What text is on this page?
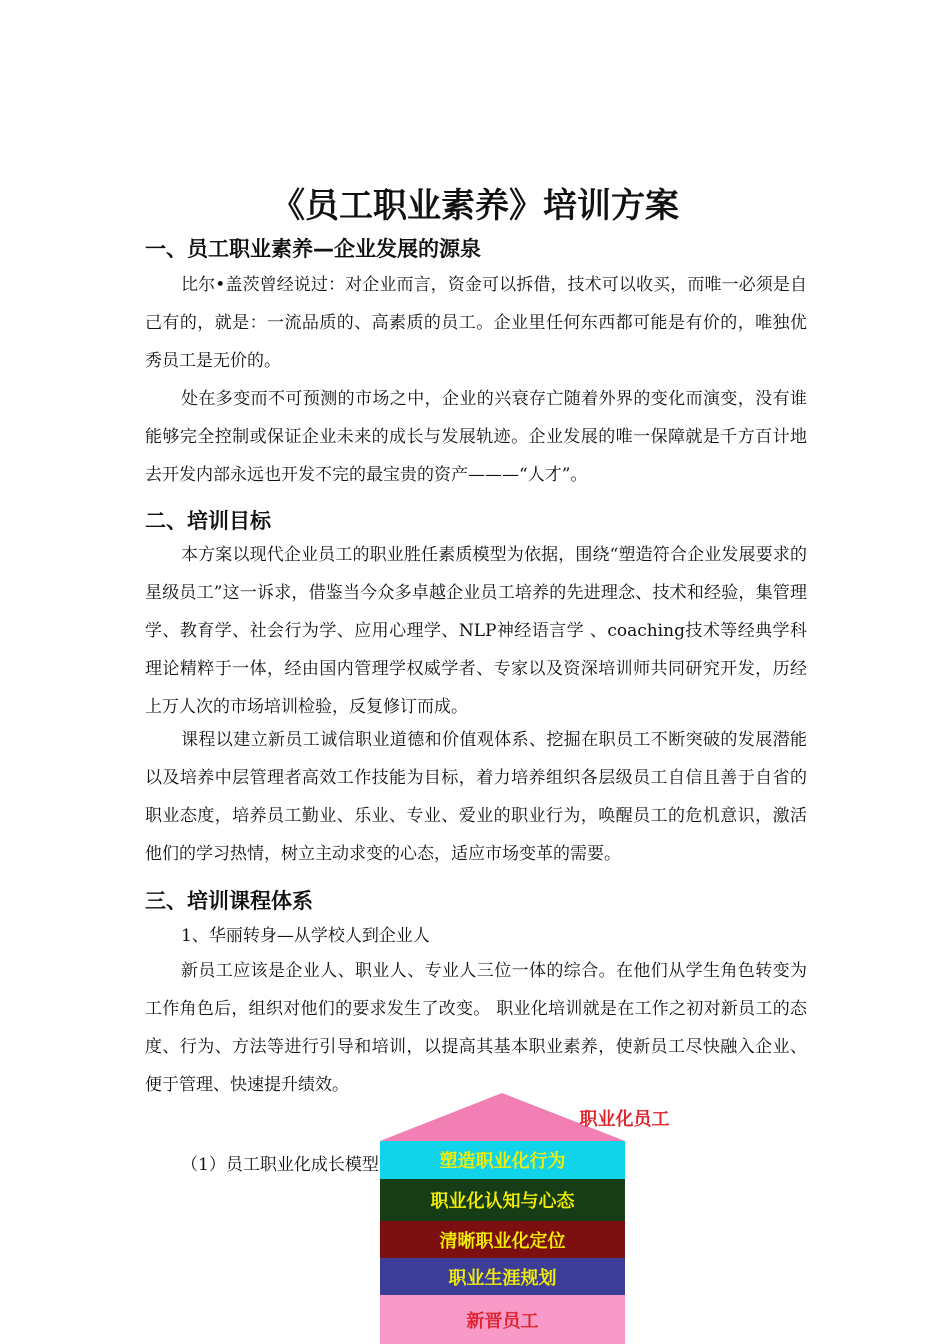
《员工职业素养》培训方案
一、员工职业素养—企业发展的源泉

比尔•盖茨曾经说过：对企业而言，资金可以拆借，技术可以收买，而唯一必须是自己有的，就是：一流品质的、高素质的员工。企业里任何东西都可能是有价的，唯独优秀员工是无价的。

处在多变而不可预测的市场之中，企业的兴衰存亡随着外界的变化而演变，没有谁能够完全控制或保证企业未来的成长与发展轨迹。企业发展的唯一保障就是千方百计地去开发内部永远也开发不完的最宝贵的资产———“人才”。

二、培训目标

本方案以现代企业员工的职业胜任素质模型为依据，围绕“塑造符合企业发展要求的星级员工”这一诉求，借鉴当今众多卓越企业员工培养的先进理念、技术和经验，集管理学、教育学、社会行为学、应用心理学、NLP神经语言学 、coaching技术等经典学科理论精粹于一体，经由国内管理学权威学者、专家以及资深培训师共同研究开发，历经上万人次的市场培训检验，反复修订而成。

课程以建立新员工诚信职业道德和价值观体系、挖掘在职员工不断突破的发展潜能以及培养中层管理者高效工作技能为目标，着力培养组织各层级员工自信且善于自省的职业态度，培养员工勤业、乐业、专业、爱业的职业行为，唤醒员工的危机意识，激活他们的学习热情，树立主动求变的心态，适应市场变革的需要。

三、培训课程体系

1、华丽转身—从学校人到企业人

新员工应该是企业人、职业人、专业人三位一体的综合。在他们从学生角色转变为工作角色后，组织对他们的要求发生了改变。 职业化培训就是在工作之初对新员工的态度、行为、方法等进行引导和培训，以提高其基本职业素养，使新员工尽快融入企业、便于管理、快速提升绩效。

（1）员工职业化成长模型

职业化员工
塑造职业化行为
职业化认知与心态
清晰职业化定位
职业生涯规划
新晋员工
